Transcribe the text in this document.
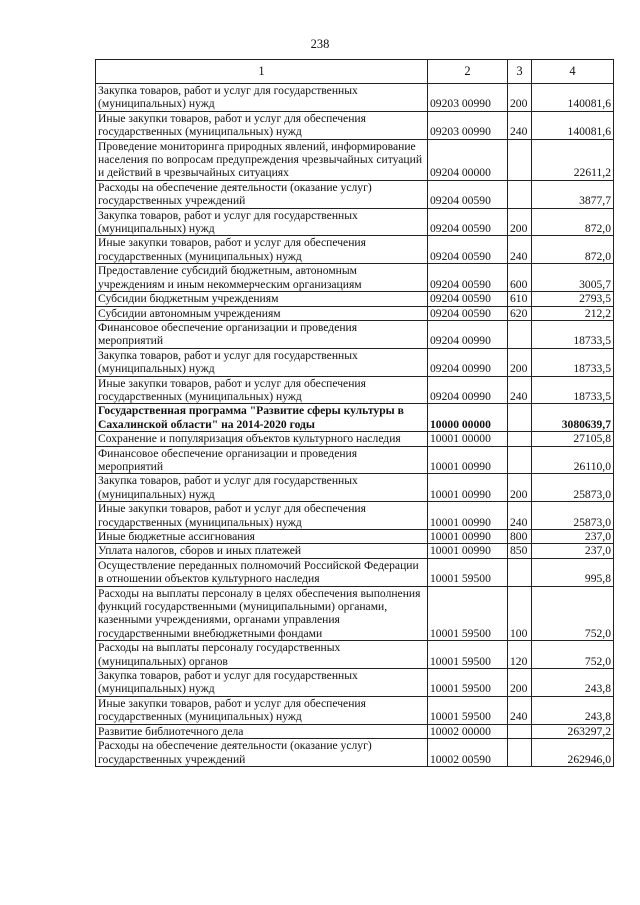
238
1	2	3	4
Закупка товаров, работ и услуг для государственных (муниципальных) нужд	09203 00990	200	140081,6
Иные закупки товаров, работ и услуг для обеспечения государственных (муниципальных) нужд	09203 00990	240	140081,6
Проведение мониторинга природных явлений, информирование населения по вопросам предупреждения чрезвычайных ситуаций и действий в чрезвычайных ситуациях	09204 00000		22611,2
Расходы на обеспечение деятельности (оказание услуг) государственных учреждений	09204 00590		3877,7
Закупка товаров, работ и услуг для государственных (муниципальных) нужд	09204 00590	200	872,0
Иные закупки товаров, работ и услуг для обеспечения государственных (муниципальных) нужд	09204 00590	240	872,0
Предоставление субсидий бюджетным, автономным учреждениям и иным некоммерческим организациям	09204 00590	600	3005,7
Субсидии бюджетным учреждениям	09204 00590	610	2793,5
Субсидии автономным учреждениям	09204 00590	620	212,2
Финансовое обеспечение организации и проведения мероприятий	09204 00990		18733,5
Закупка товаров, работ и услуг для государственных (муниципальных) нужд	09204 00990	200	18733,5
Иные закупки товаров, работ и услуг для обеспечения государственных (муниципальных) нужд	09204 00990	240	18733,5
Государственная программа "Развитие сферы культуры в Сахалинской области" на 2014-2020 годы	10000 00000		3080639,7
Сохранение и популяризация объектов культурного наследия	10001 00000		27105,8
Финансовое обеспечение организации и проведения мероприятий	10001 00990		26110,0
Закупка товаров, работ и услуг для государственных (муниципальных) нужд	10001 00990	200	25873,0
Иные закупки товаров, работ и услуг для обеспечения государственных (муниципальных) нужд	10001 00990	240	25873,0
Иные бюджетные ассигнования	10001 00990	800	237,0
Уплата налогов, сборов и иных платежей	10001 00990	850	237,0
Осуществление переданных полномочий Российской Федерации в отношении объектов культурного наследия	10001 59500		995,8
Расходы на выплаты персоналу в целях обеспечения выполнения функций государственными (муниципальными) органами, казенными учреждениями, органами управления государственными внебюджетными фондами	10001 59500	100	752,0
Расходы на выплаты персоналу государственных (муниципальных) органов	10001 59500	120	752,0
Закупка товаров, работ и услуг для государственных (муниципальных) нужд	10001 59500	200	243,8
Иные закупки товаров, работ и услуг для обеспечения государственных (муниципальных) нужд	10001 59500	240	243,8
Развитие библиотечного дела	10002 00000		263297,2
Расходы на обеспечение деятельности (оказание услуг) государственных учреждений	10002 00590		262946,0
